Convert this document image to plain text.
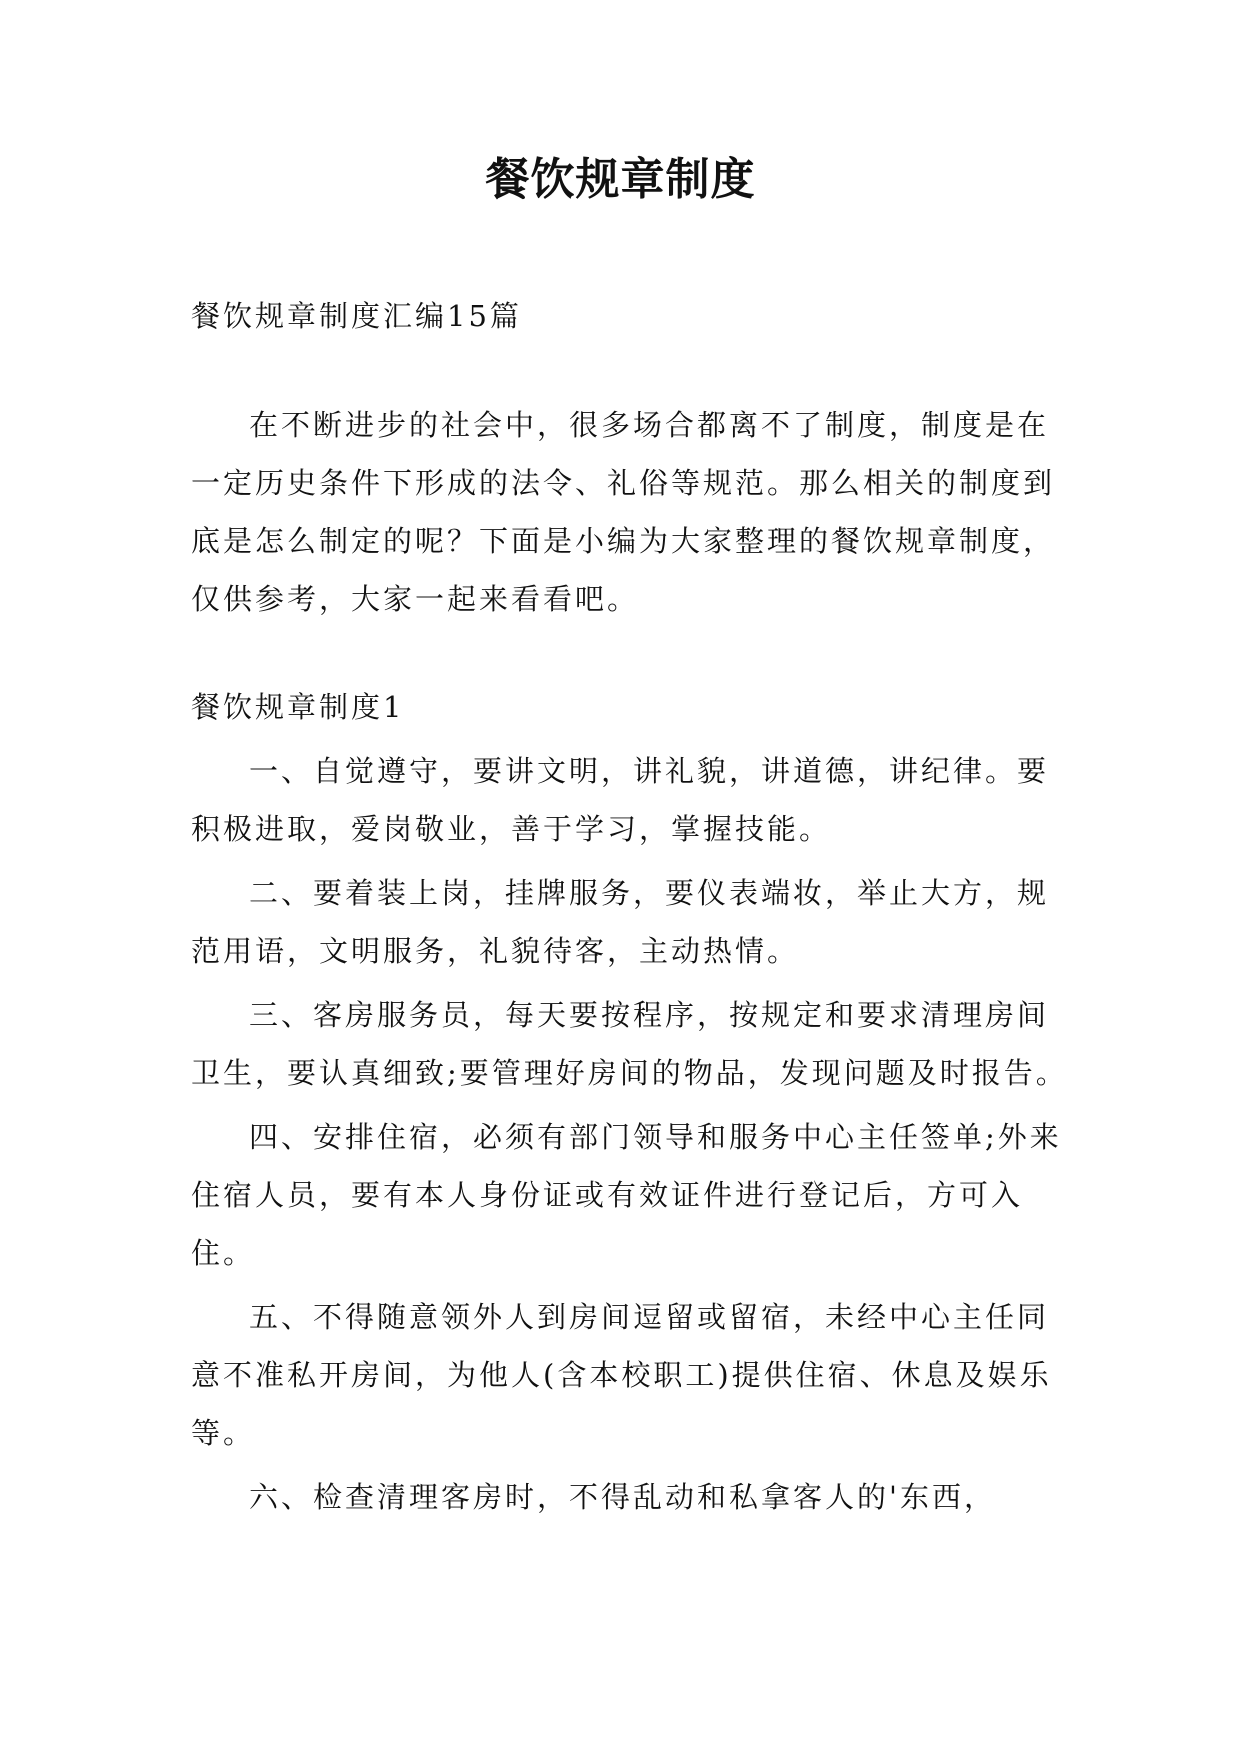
餐饮规章制度

餐饮规章制度汇编15篇

在不断进步的社会中，很多场合都离不了制度，制度是在一定历史条件下形成的法令、礼俗等规范。那么相关的制度到底是怎么制定的呢？下面是小编为大家整理的餐饮规章制度，仅供参考，大家一起来看看吧。

餐饮规章制度1

一、自觉遵守，要讲文明，讲礼貌，讲道德，讲纪律。要积极进取，爱岗敬业，善于学习，掌握技能。

二、要着装上岗，挂牌服务，要仪表端妆，举止大方，规范用语，文明服务，礼貌待客，主动热情。

三、客房服务员，每天要按程序，按规定和要求清理房间卫生，要认真细致;要管理好房间的物品，发现问题及时报告。

四、安排住宿，必须有部门领导和服务中心主任签单;外来住宿人员，要有本人身份证或有效证件进行登记后，方可入住。

五、不得随意领外人到房间逗留或留宿，未经中心主任同意不准私开房间，为他人(含本校职工)提供住宿、休息及娱乐等。

六、检查清理客房时，不得乱动和私拿客人的'东西，
